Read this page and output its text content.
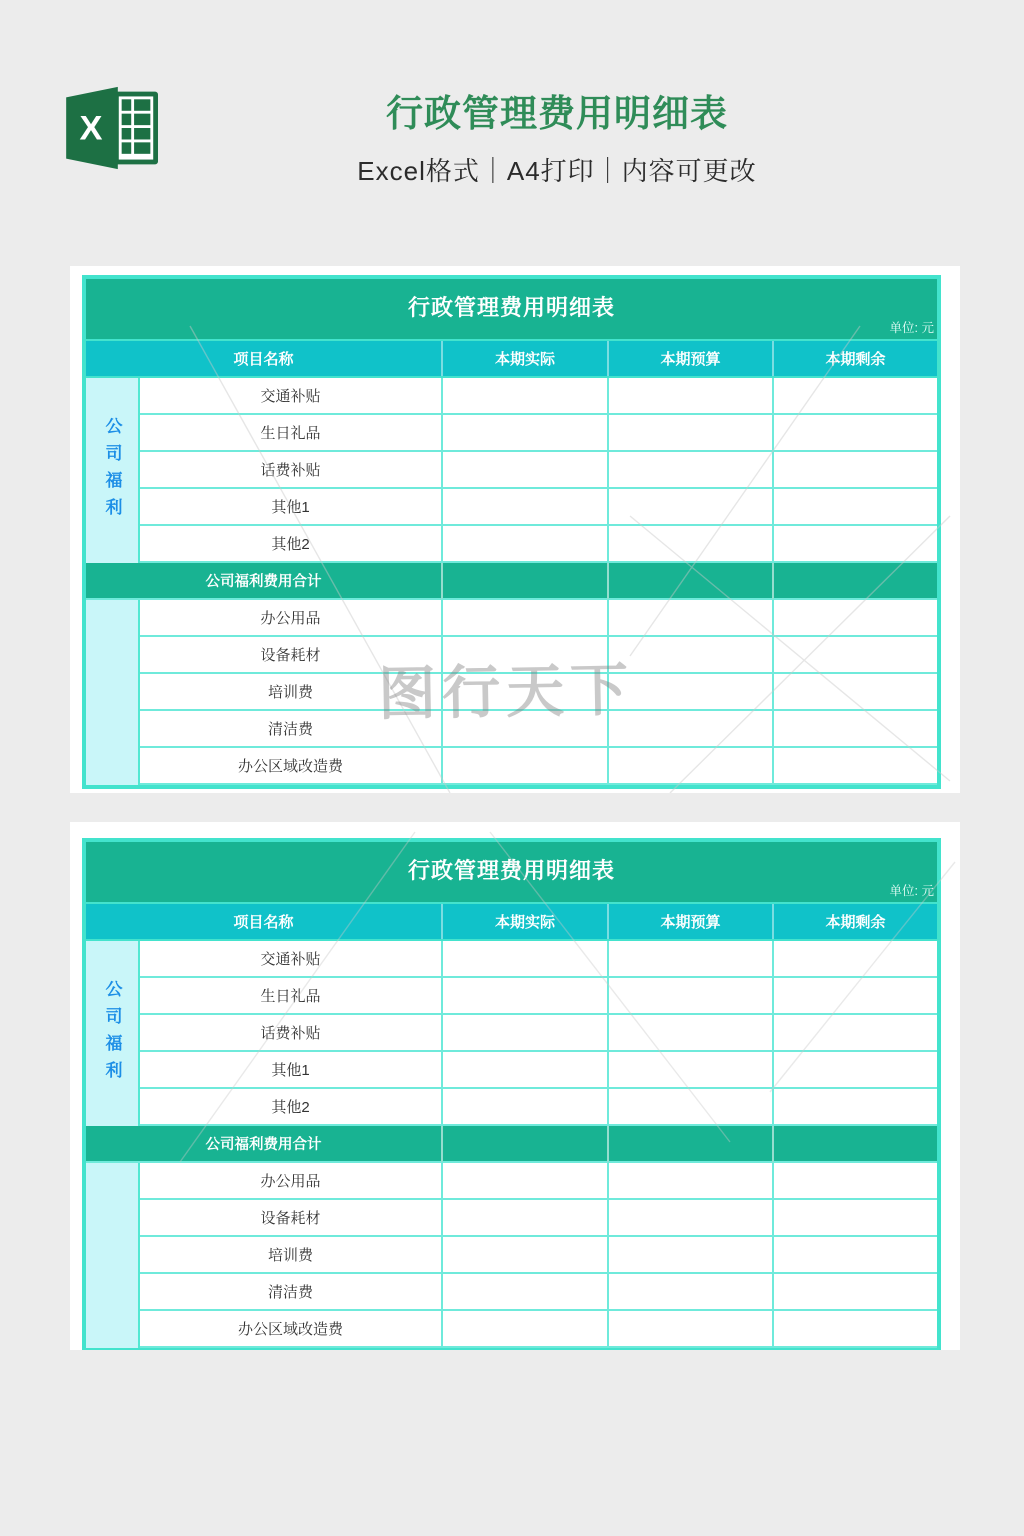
X	行政管理费用明细表
Excel格式｜A4打印｜内容可更改
行政管理费用明细表
单位: 元
项目名称	本期实际	本期预算	本期剩余
公司福利
交通补贴
生日礼品
话费补贴
其他1
其他2
公司福利费用合计
办公用品
设备耗材
培训费
清洁费
办公区域改造费
图行天下
行政管理费用明细表
单位: 元
项目名称	本期实际	本期预算	本期剩余
公司福利
交通补贴
生日礼品
话费补贴
其他1
其他2
公司福利费用合计
办公用品
设备耗材
培训费
清洁费
办公区域改造费
